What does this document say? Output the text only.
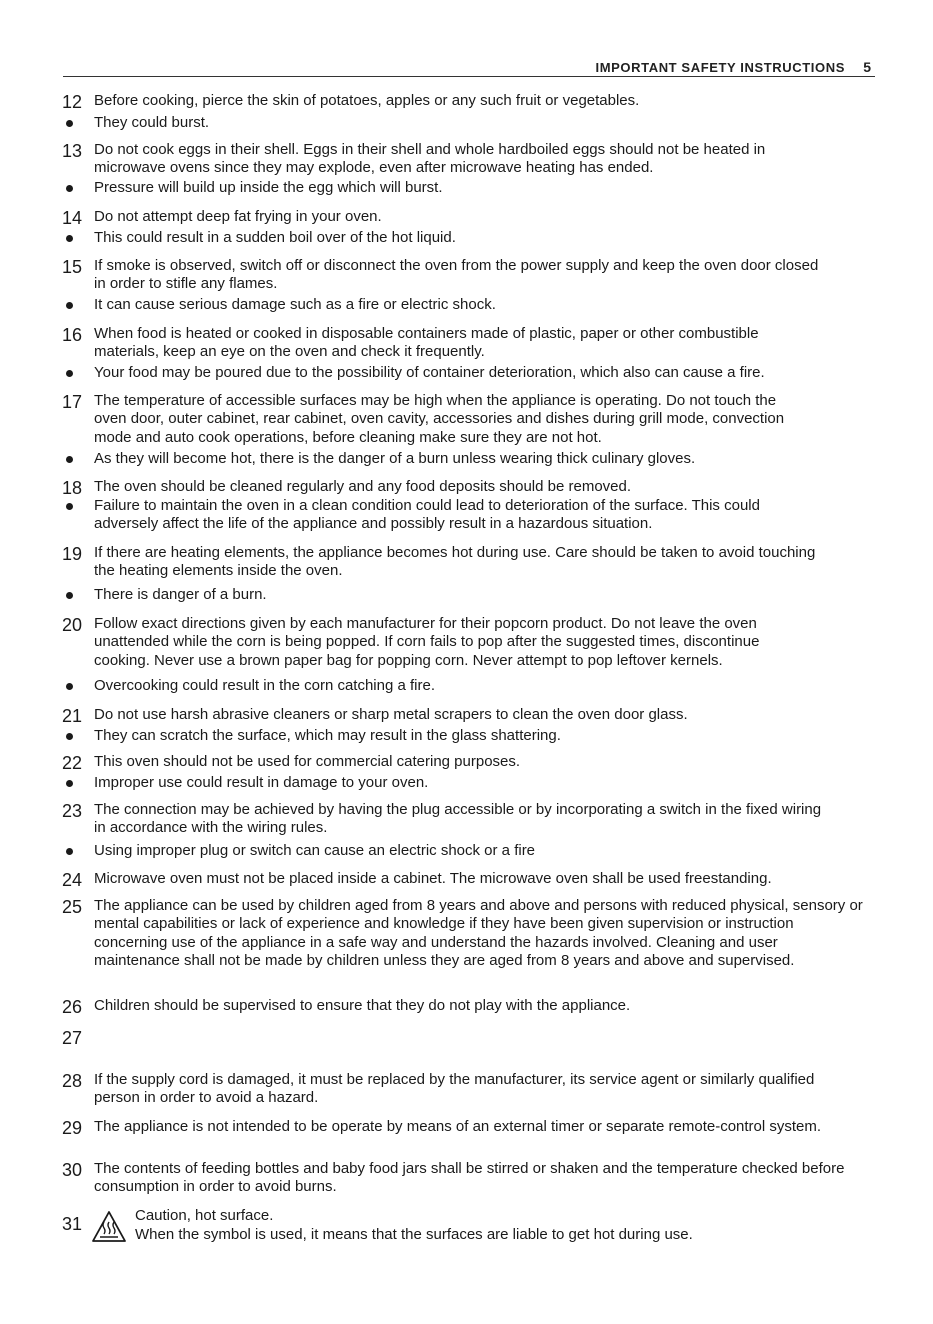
IMPORTANT SAFETY INSTRUCTIONS 5
12 Before cooking, pierce the skin of potatoes, apples or any such fruit or vegetables.
They could burst.
13 Do not cook eggs in their shell. Eggs in their shell and whole hardboiled eggs should not be heated in microwave ovens since they may explode, even after microwave heating has ended.
Pressure will build up inside the egg which will burst.
14 Do not attempt deep fat frying in your oven.
This could result in a sudden boil over of the hot liquid.
15 If smoke is observed, switch off or disconnect the oven from the power supply and keep the oven door closed in order to stifle any flames.
It can cause serious damage such as a fire or electric shock.
16 When food is heated or cooked in disposable containers made of plastic, paper or other combustible materials, keep an eye on the oven and check it frequently.
Your food may be poured due to the possibility of container deterioration, which also can cause a fire.
17 The temperature of accessible surfaces may be high when the appliance is operating. Do not touch the oven door, outer cabinet, rear cabinet, oven cavity, accessories and dishes during grill mode, convection mode and auto cook operations, before cleaning make sure they are not hot.
As they will become hot, there is the danger of a burn unless wearing thick culinary gloves.
18 The oven should be cleaned regularly and any food deposits should be removed.
Failure to maintain the oven in a clean condition could lead to deterioration of the surface. This could adversely affect the life of the appliance and possibly result in a hazardous situation.
19 If there are heating elements, the appliance becomes hot during use. Care should be taken to avoid touching the heating elements inside the oven.
There is danger of a burn.
20 Follow exact directions given by each manufacturer for their popcorn product. Do not leave the oven unattended while the corn is being popped. If corn fails to pop after the suggested times, discontinue cooking. Never use a brown paper bag for popping corn. Never attempt to pop leftover kernels.
Overcooking could result in the corn catching a fire.
21 Do not use harsh abrasive cleaners or sharp metal scrapers to clean the oven door glass.
They can scratch the surface, which may result in the glass shattering.
22 This oven should not be used for commercial catering purposes.
Improper use could result in damage to your oven.
23 The connection may be achieved by having the plug accessible or by incorporating a switch in the fixed wiring in accordance with the wiring rules.
Using improper plug or switch can cause an electric shock or a fire
24 Microwave oven must not be placed inside a cabinet. The microwave oven shall be used freestanding.
25 The appliance can be used by children aged from 8 years and above and persons with reduced physical, sensory or mental capabilities or lack of experience and knowledge if they have been given supervision or instruction concerning use of the appliance in a safe way and understand the hazards involved. Cleaning and user maintenance shall not be made by children unless they are aged from 8 years and above and supervised.
26 Children should be supervised to ensure that they do not play with the appliance.
27
28 If the supply cord is damaged, it must be replaced by the manufacturer, its service agent or similarly qualified person in order to avoid a hazard.
29 The appliance is not intended to be operate by means of an external timer or separate remote-control system.
30 The contents of feeding bottles and baby food jars shall be stirred or shaken and the temperature checked before consumption in order to avoid burns.
31	Caution, hot surface.
When the symbol is used, it means that the surfaces are liable to get hot during use.
